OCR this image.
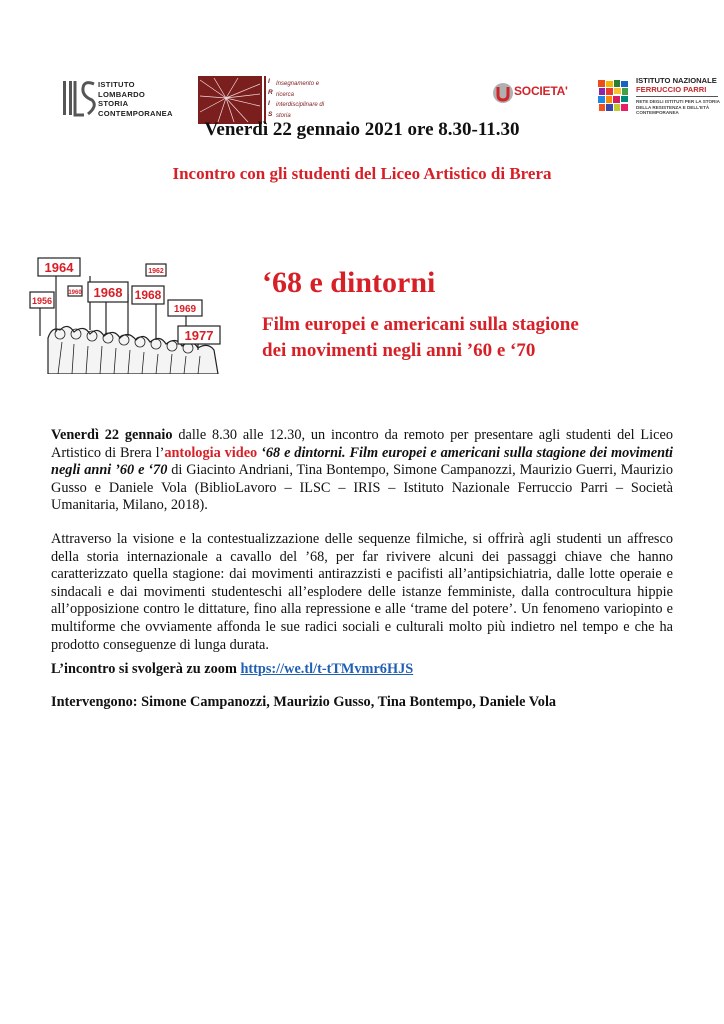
ISTITUTO
LOMBARDO
STORIA
CONTEMPORANEA
I
R
I
S
Insegnamento e
ricerca
interdisciplinare di
storia
SOCIETA'
ISTITUTO NAZIONALE
FERRUCCIO PARRI
RETE DEGLI ISTITUTI PER LA STORIA
DELLA RESISTENZA E DELL'ETÀ
CONTEMPORANEA
Venerdì 22 gennaio 2021 ore 8.30-11.30
Incontro con gli studenti del Liceo Artistico di Brera
1964
1960 1968
1962
1968
1969
1956
1977
‘68 e dintorni
Film europei e americani sulla stagione
dei movimenti negli anni ’60 e ‘70
Venerdì 22 gennaio dalle 8.30 alle 12.30, un incontro da remoto per presentare agli studenti del Liceo Artistico di Brera l’antologia video ‘68 e dintorni. Film europei e americani sulla stagione dei movimenti negli anni ’60 e ‘70 di Giacinto Andriani, Tina Bontempo, Simone Campanozzi, Maurizio Guerri, Maurizio Gusso e Daniele Vola (BiblioLavoro – ILSC – IRIS – Istituto Nazionale Ferruccio Parri – Società Umanitaria, Milano, 2018).
Attraverso la visione e la contestualizzazione delle sequenze filmiche, si offrirà agli studenti un affresco della storia internazionale a cavallo del ’68, per far rivivere alcuni dei passaggi chiave che hanno caratterizzato quella stagione: dai movimenti antirazzisti e pacifisti all’antipsichiatria, dalle lotte operaie e sindacali e dai movimenti studenteschi all’esplodere delle istanze femministe, dalla controcultura hippie all’opposizione contro le dittature, fino alla repressione e alle ‘trame del potere’. Un fenomeno variopinto e multiforme che ovviamente affonda le sue radici sociali e culturali molto più indietro nel tempo e che ha prodotto conseguenze di lunga durata.
L’incontro si svolgerà zu zoom https://we.tl/t-tTMvmr6HJS
Intervengono: Simone Campanozzi, Maurizio Gusso, Tina Bontempo, Daniele Vola
